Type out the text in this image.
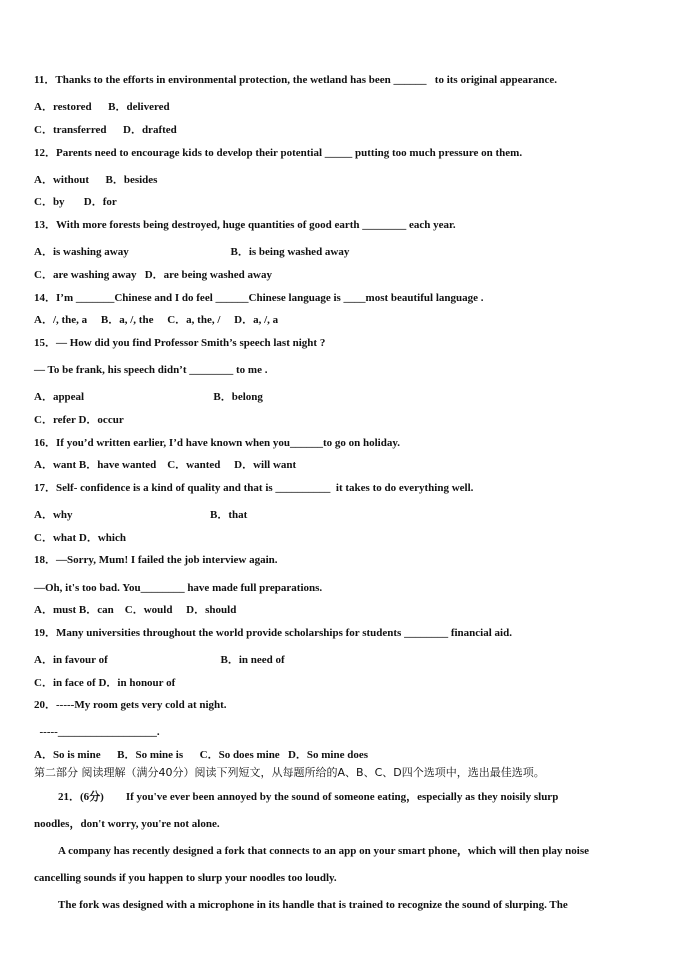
11．Thanks to the efforts in environmental protection, the wetland has been ______   to its original appearance.
A．restored      B．delivered
C．transferred      D．drafted
12．Parents need to encourage kids to develop their potential _____ putting too much pressure on them.
A．without      B．besides
C．by       D．for
13．With more forests being destroyed, huge quantities of good earth ________ each year.
A．is washing away                                     B．is being washed away
C．are washing away   D．are being washed away
14．I’m _______Chinese and I do feel ______Chinese language is ____most beautiful language .
A．/, the, a     B．a, /, the     C．a, the, /     D．a, /, a
15．— How did you find Professor Smith’s speech last night ?
— To be frank, his speech didn’t ________ to me .
A．appeal                                               B．belong
C．refer D．occur
16．If you’d written earlier, I’d have known when you______to go on holiday.
A．want B．have wanted    C．wanted     D．will want
17．Self- confidence is a kind of quality and that is __________  it takes to do everything well.
A．why                                                  B．that
C．what D．which
18．—Sorry, Mum! I failed the job interview again.
—Oh, it's too bad. You________ have made full preparations.
A．must B．can    C．would     D．should
19．Many universities throughout the world provide scholarships for students ________ financial aid.
A．in favour of                                         B．in need of
C．in face of D．in honour of
20．-----My room gets very cold at night.
-----__________________.
A．So is mine      B．So mine is      C．So does mine   D．So mine does
第二部分 阅读理解（满分40分）阅读下列短文，从每题所给的A、B、C、D四个选项中，选出最佳选项。
21．(6分)        If you've ever been annoyed by the sound of someone eating，especially as they noisily slurp
noodles，don't worry, you're not alone.
A company has recently designed a fork that connects to an app on your smart phone，which will then play noise
cancelling sounds if you happen to slurp your noodles too loudly.
The fork was designed with a microphone in its handle that is trained to recognize the sound of slurping. The
